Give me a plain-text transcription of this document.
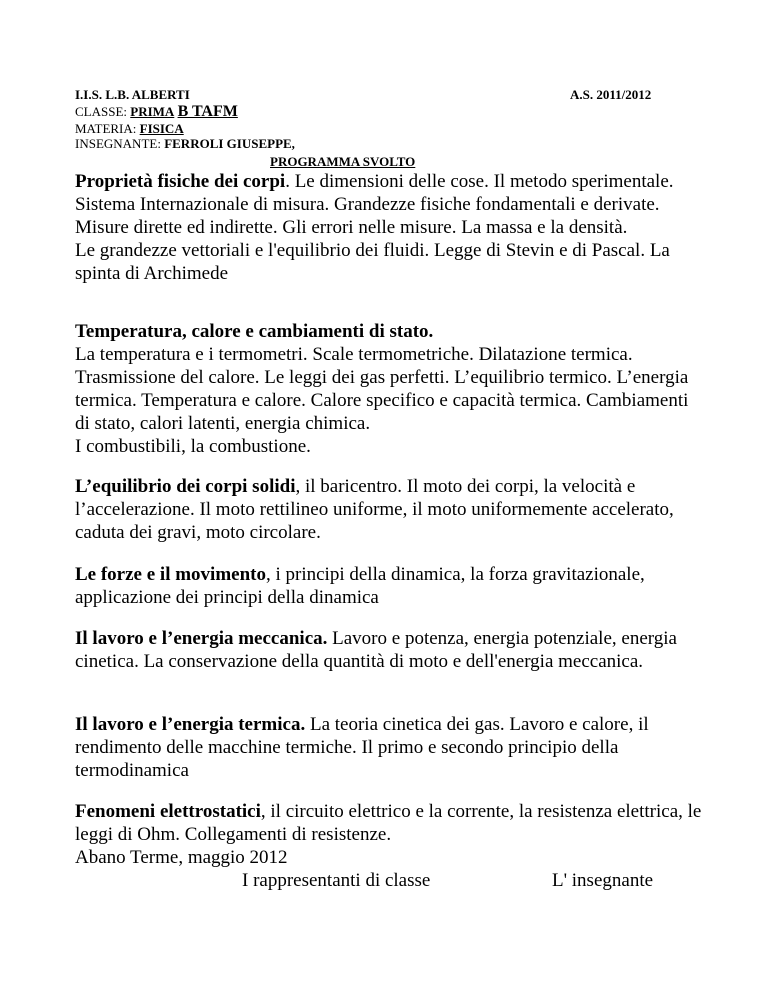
I.I.S. L.B. ALBERTI	A.S. 2011/2012
CLASSE: PRIMA B TAFM
MATERIA: FISICA
INSEGNANTE: FERROLI GIUSEPPE,
PROGRAMMA SVOLTO

Proprietà fisiche dei corpi. Le dimensioni delle cose. Il metodo sperimentale. Sistema Internazionale di misura. Grandezze fisiche fondamentali e derivate. Misure dirette ed indirette. Gli errori nelle misure. La massa e la densità.

Le grandezze vettoriali e l'equilibrio dei fluidi. Legge di Stevin e di Pascal. La spinta di Archimede

Temperatura, calore e cambiamenti di stato.

La temperatura e i termometri. Scale termometriche. Dilatazione termica. Trasmissione del calore. Le leggi dei gas perfetti. L’equilibrio termico. L’energia termica. Temperatura e calore. Calore specifico e capacità termica. Cambiamenti di stato, calori latenti, energia chimica.

I combustibili, la combustione.

L’equilibrio dei corpi solidi, il baricentro. Il moto dei corpi, la velocità e l’accelerazione. Il moto rettilineo uniforme, il moto uniformemente accelerato, caduta dei gravi, moto circolare.

Le forze e il movimento, i principi della dinamica, la forza gravitazionale, applicazione dei principi della dinamica

Il lavoro e l’energia meccanica. Lavoro e potenza, energia potenziale, energia cinetica. La conservazione della quantità di moto e dell'energia meccanica.

Il lavoro e l’energia termica. La teoria cinetica dei gas. Lavoro e calore, il rendimento delle macchine termiche. Il primo e secondo principio della termodinamica

Fenomeni elettrostatici, il circuito elettrico e la corrente, la resistenza elettrica, le leggi di Ohm. Collegamenti di resistenze.

Abano Terme, maggio 2012
I rappresentanti di classe	L' insegnante
